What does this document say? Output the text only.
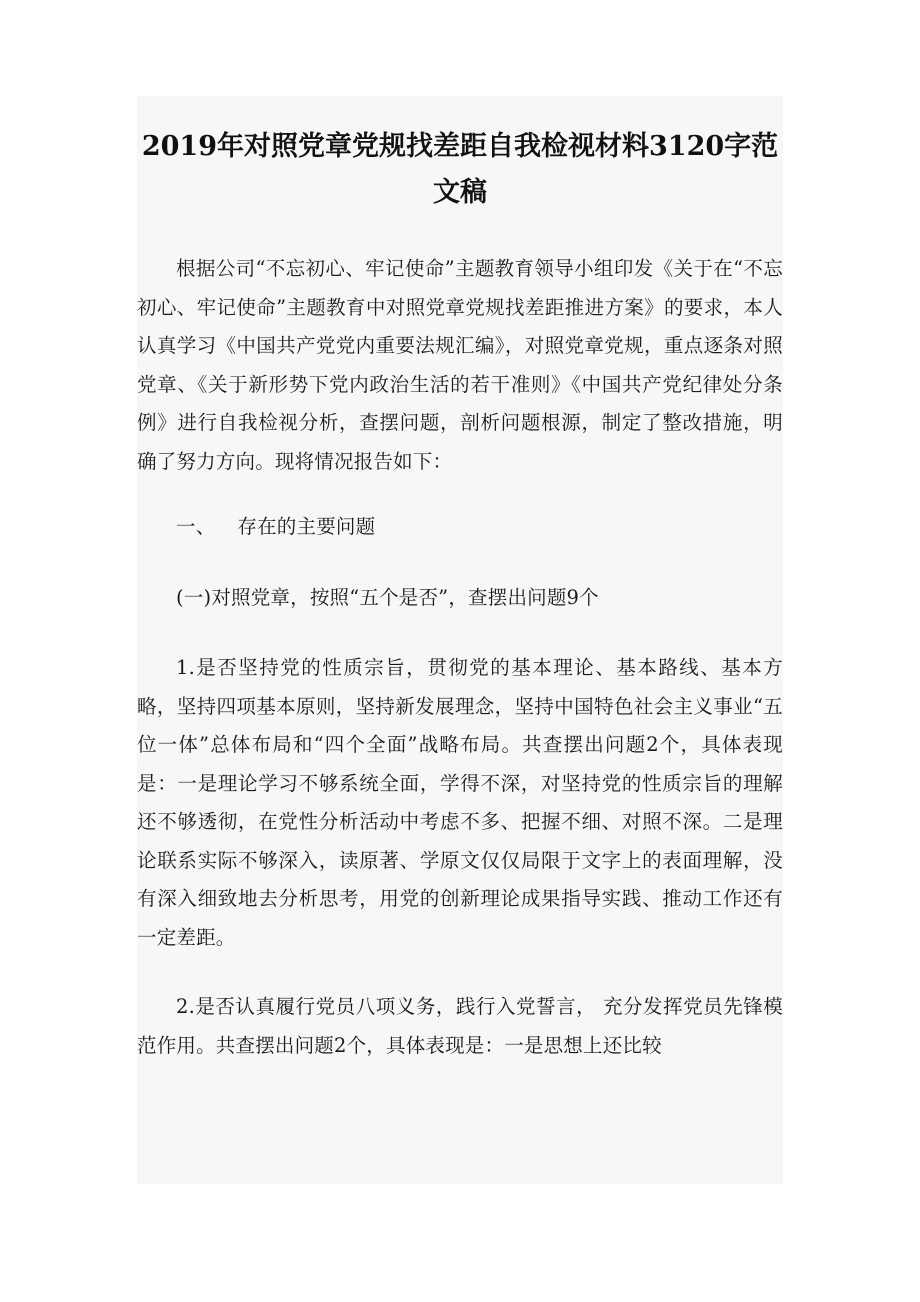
2019年对照党章党规找差距自我检视材料3120字范文稿

根据公司“不忘初心、牢记使命”主题教育领导小组印发《关于在“不忘初心、牢记使命”主题教育中对照党章党规找差距推进方案》的要求，本人认真学习《中国共产党党内重要法规汇编》，对照党章党规，重点逐条对照党章、《关于新形势下党内政治生活的若干准则》《中国共产党纪律处分条例》进行自我检视分析，查摆问题，剖析问题根源，制定了整改措施，明确了努力方向。现将情况报告如下：

一、 存在的主要问题

(一)对照党章，按照“五个是否”，查摆出问题9个

1.是否坚持党的性质宗旨，贯彻党的基本理论、基本路线、基本方略，坚持四项基本原则，坚持新发展理念，坚持中国特色社会主义事业“五位一体”总体布局和“四个全面”战略布局。共查摆出问题2个，具体表现是：一是理论学习不够系统全面，学得不深，对坚持党的性质宗旨的理解还不够透彻，在党性分析活动中考虑不多、把握不细、对照不深。二是理论联系实际不够深入，读原著、学原文仅仅局限于文字上的表面理解，没有深入细致地去分析思考，用党的创新理论成果指导实践、推动工作还有一定差距。

2.是否认真履行党员八项义务，践行入党誓言， 充分发挥党员先锋模范作用。共查摆出问题2个，具体表现是：一是思想上还比较
